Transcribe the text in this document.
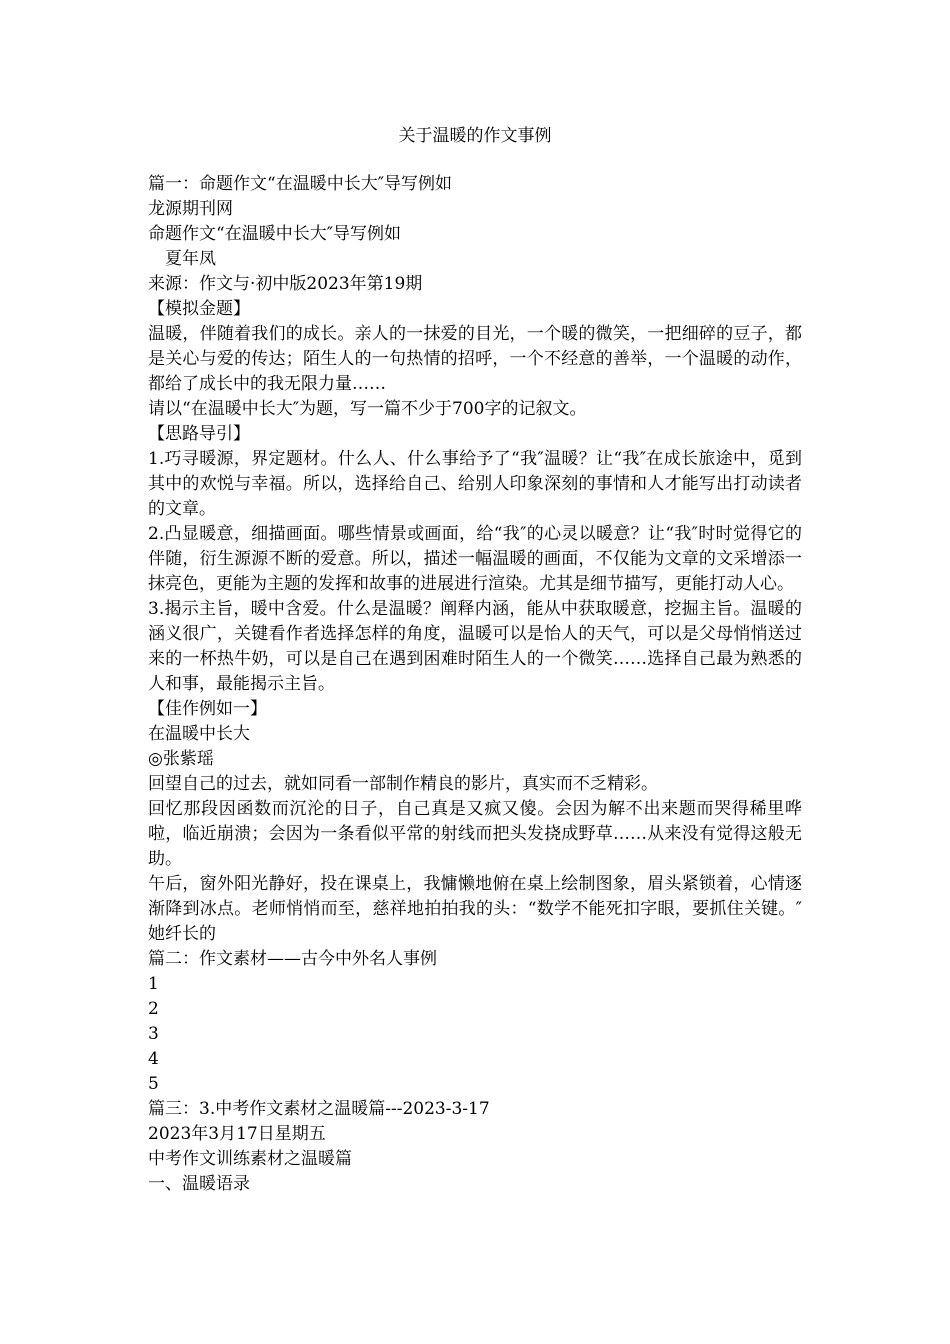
关于温暖的作文事例

篇一：命题作文“在温暖中长大″导写例如

龙源期刊网

命题作文“在温暖中长大″导写例如

夏年凤

来源：作文与·初中版2023年第19期

【模拟金题】

温暖，伴随着我们的成长。亲人的一抹爱的目光，一个暖的微笑，一把细碎的豆子，都是关心与爱的传达；陌生人的一句热情的招呼，一个不经意的善举，一个温暖的动作，都给了成长中的我无限力量……

请以“在温暖中长大″为题，写一篇不少于700字的记叙文。

【思路导引】

1.巧寻暖源，界定题材。什么人、什么事给予了“我″温暖？让“我″在成长旅途中，觅到其中的欢悦与幸福。所以，选择给自己、给别人印象深刻的事情和人才能写出打动读者的文章。

2.凸显暖意，细描画面。哪些情景或画面，给“我″的心灵以暖意？让“我″时时觉得它的伴随，衍生源源不断的爱意。所以，描述一幅温暖的画面，不仅能为文章的文采增添一抹亮色，更能为主题的发挥和故事的进展进行渲染。尤其是细节描写，更能打动人心。

3.揭示主旨，暖中含爱。什么是温暖？阐释内涵，能从中获取暖意，挖掘主旨。温暖的涵义很广，关键看作者选择怎样的角度，温暖可以是怡人的天气，可以是父母悄悄送过来的一杯热牛奶，可以是自己在遇到困难时陌生人的一个微笑……选择自己最为熟悉的人和事，最能揭示主旨。

【佳作例如一】

在温暖中长大

◎张紫瑶

回望自己的过去，就如同看一部制作精良的影片，真实而不乏精彩。

回忆那段因函数而沉沦的日子，自己真是又疯又傻。会因为解不出来题而哭得稀里哗啦，临近崩溃；会因为一条看似平常的射线而把头发挠成野草……从来没有觉得这般无助。

午后，窗外阳光静好，投在课桌上，我慵懒地俯在桌上绘制图象，眉头紧锁着，心情逐渐降到冰点。老师悄悄而至，慈祥地拍拍我的头：“数学不能死扣字眼，要抓住关键。″她纤长的

篇二：作文素材——古今中外名人事例

1

2

3

4

5

篇三：3.中考作文素材之温暖篇---2023-3-17

2023年3月17日星期五

中考作文训练素材之温暖篇

一、温暖语录
